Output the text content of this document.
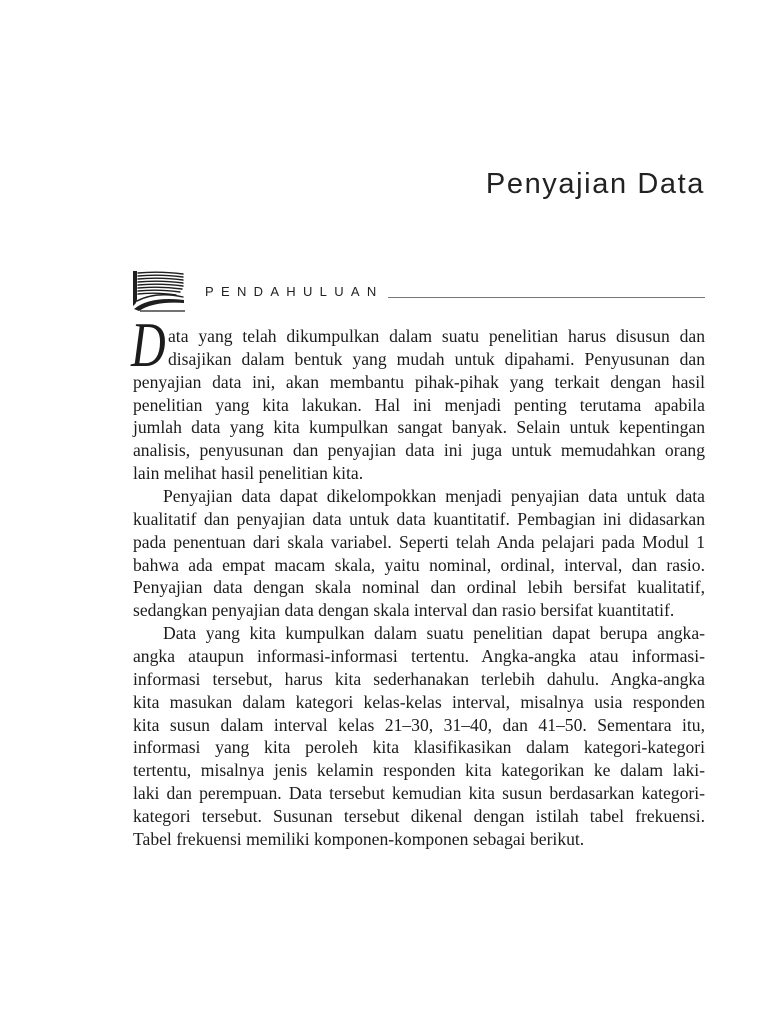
Penyajian Data
PENDAHULUAN
D ata yang telah dikumpulkan dalam suatu penelitian harus disusun dan
disajikan dalam bentuk yang mudah untuk dipahami. Penyusunan dan
penyajian data ini, akan membantu pihak-pihak yang terkait dengan hasil
penelitian yang kita lakukan. Hal ini menjadi penting terutama apabila
jumlah data yang kita kumpulkan sangat banyak. Selain untuk kepentingan
analisis, penyusunan dan penyajian data ini juga untuk memudahkan orang
lain melihat hasil penelitian kita.
Penyajian data dapat dikelompokkan menjadi penyajian data untuk data
kualitatif dan penyajian data untuk data kuantitatif. Pembagian ini didasarkan
pada penentuan dari skala variabel. Seperti telah Anda pelajari pada Modul 1
bahwa ada empat macam skala, yaitu nominal, ordinal, interval, dan rasio.
Penyajian data dengan skala nominal dan ordinal lebih bersifat kualitatif,
sedangkan penyajian data dengan skala interval dan rasio bersifat kuantitatif.
Data yang kita kumpulkan dalam suatu penelitian dapat berupa angka-
angka ataupun informasi-informasi tertentu. Angka-angka atau informasi-
informasi tersebut, harus kita sederhanakan terlebih dahulu. Angka-angka
kita masukan dalam kategori kelas-kelas interval, misalnya usia responden
kita susun dalam interval kelas 21–30, 31–40, dan 41–50. Sementara itu,
informasi yang kita peroleh kita klasifikasikan dalam kategori-kategori
tertentu, misalnya jenis kelamin responden kita kategorikan ke dalam laki-
laki dan perempuan. Data tersebut kemudian kita susun berdasarkan kategori-
kategori tersebut. Susunan tersebut dikenal dengan istilah tabel frekuensi.
Tabel frekuensi memiliki komponen-komponen sebagai berikut.
